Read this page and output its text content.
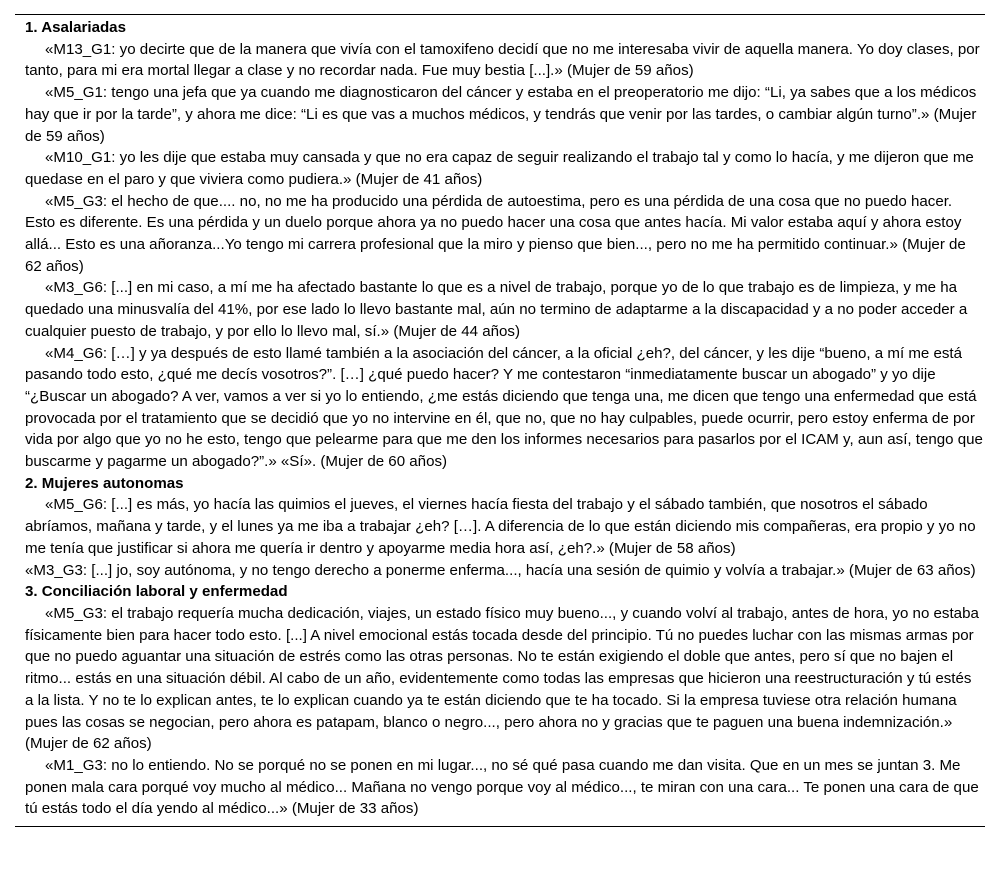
1. Asalariadas

«M13_G1: yo decirte que de la manera que vivía con el tamoxifeno decidí que no me interesaba vivir de aquella manera. Yo doy clases, por tanto, para mi era mortal llegar a clase y no recordar nada. Fue muy bestia [...].» (Mujer de 59 años)

«M5_G1: tengo una jefa que ya cuando me diagnosticaron del cáncer y estaba en el preoperatorio me dijo: “Li, ya sabes que a los médicos hay que ir por la tarde”, y ahora me dice: “Li es que vas a muchos médicos, y tendrás que venir por las tardes, o cambiar algún turno”.» (Mujer de 59 años)

«M10_G1: yo les dije que estaba muy cansada y que no era capaz de seguir realizando el trabajo tal y como lo hacía, y me dijeron que me quedase en el paro y que viviera como pudiera.» (Mujer de 41 años)

«M5_G3: el hecho de que.... no, no me ha producido una pérdida de autoestima, pero es una pérdida de una cosa que no puedo hacer. Esto es diferente. Es una pérdida y un duelo porque ahora ya no puedo hacer una cosa que antes hacía. Mi valor estaba aquí y ahora estoy allá... Esto es una añoranza...Yo tengo mi carrera profesional que la miro y pienso que bien..., pero no me ha permitido continuar.» (Mujer de 62 años)

«M3_G6: [...] en mi caso, a mí me ha afectado bastante lo que es a nivel de trabajo, porque yo de lo que trabajo es de limpieza, y me ha quedado una minusvalía del 41%, por ese lado lo llevo bastante mal, aún no termino de adaptarme a la discapacidad y a no poder acceder a cualquier puesto de trabajo, y por ello lo llevo mal, sí.» (Mujer de 44 años)

«M4_G6: […] y ya después de esto llamé también a la asociación del cáncer, a la oficial ¿eh?, del cáncer, y les dije “bueno, a mí me está pasando todo esto, ¿qué me decís vosotros?”. […] ¿qué puedo hacer? Y me contestaron “inmediatamente buscar un abogado” y yo dije “¿Buscar un abogado? A ver, vamos a ver si yo lo entiendo, ¿me estás diciendo que tenga una, me dicen que tengo una enfermedad que está provocada por el tratamiento que se decidió que yo no intervine en él, que no, que no hay culpables, puede ocurrir, pero estoy enferma de por vida por algo que yo no he esto, tengo que pelearme para que me den los informes necesarios para pasarlos por el ICAM y, aun así, tengo que buscarme y pagarme un abogado?”.» «Sí». (Mujer de 60 años)

2. Mujeres autonomas

«M5_G6: [...] es más, yo hacía las quimios el jueves, el viernes hacía fiesta del trabajo y el sábado también, que nosotros el sábado abríamos, mañana y tarde, y el lunes ya me iba a trabajar ¿eh? […]. A diferencia de lo que están diciendo mis compañeras, era propio y yo no me tenía que justificar si ahora me quería ir dentro y apoyarme media hora así, ¿eh?.» (Mujer de 58 años)

«M3_G3: [...] jo, soy autónoma, y no tengo derecho a ponerme enferma..., hacía una sesión de quimio y volvía a trabajar.» (Mujer de 63 años)

3. Conciliación laboral y enfermedad

«M5_G3: el trabajo requería mucha dedicación, viajes, un estado físico muy bueno..., y cuando volví al trabajo, antes de hora, yo no estaba físicamente bien para hacer todo esto. [...] A nivel emocional estás tocada desde del principio. Tú no puedes luchar con las mismas armas por que no puedo aguantar una situación de estrés como las otras personas. No te están exigiendo el doble que antes, pero sí que no bajen el ritmo... estás en una situación débil. Al cabo de un año, evidentemente como todas las empresas que hicieron una reestructuración y tú estés a la lista. Y no te lo explican antes, te lo explican cuando ya te están diciendo que te ha tocado. Si la empresa tuviese otra relación humana pues las cosas se negocian, pero ahora es patapam, blanco o negro..., pero ahora no y gracias que te paguen una buena indemnización.» (Mujer de 62 años)

«M1_G3: no lo entiendo. No se porqué no se ponen en mi lugar..., no sé qué pasa cuando me dan visita. Que en un mes se juntan 3. Me ponen mala cara porqué voy mucho al médico... Mañana no vengo porque voy al médico..., te miran con una cara... Te ponen una cara de que tú estás todo el día yendo al médico...» (Mujer de 33 años)
